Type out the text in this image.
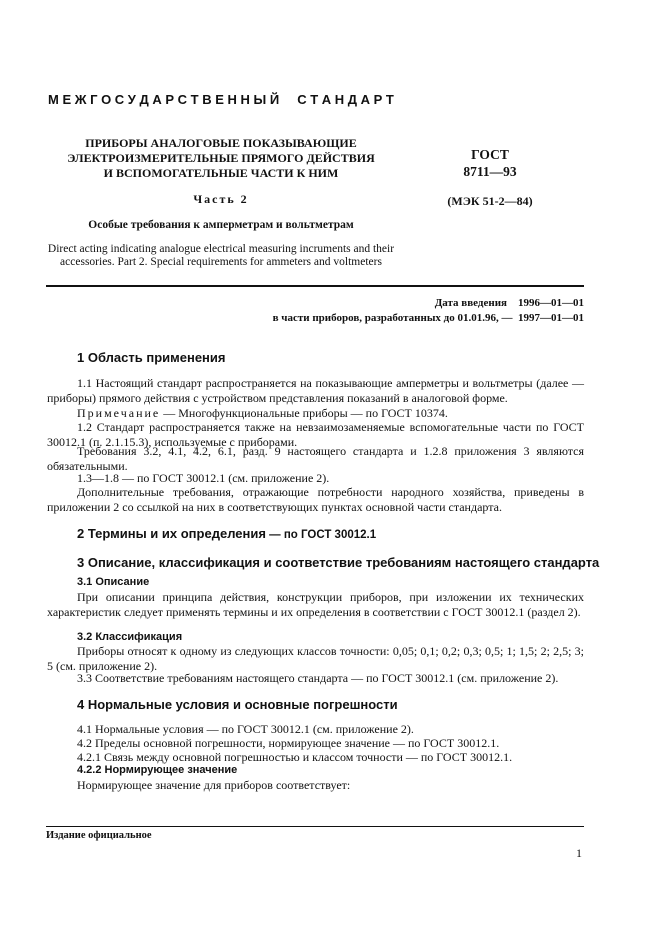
М Е Ж Г О С У Д А Р С Т В Е Н Н Ы Й     С Т А Н Д А Р Т
ПРИБОРЫ АНАЛОГОВЫЕ ПОКАЗЫВАЮЩИЕ
ЭЛЕКТРОИЗМЕРИТЕЛЬНЫЕ ПРЯМОГО ДЕЙСТВИЯ
И ВСПОМОГАТЕЛЬНЫЕ ЧАСТИ К НИМ
Часть 2
Особые требования к амперметрам и вольтметрам
Direct acting indicating analogue electrical measuring incruments and their accessories. Part 2. Special requirements for ammeters and voltmeters
ГОСТ
8711—93
(МЭК 51-2—84)
Дата введения    1996—01—01
в части приборов, разработанных до 01.01.96, —  1997—01—01
1 Область применения
1.1 Настоящий стандарт распространяется на показывающие амперметры и вольтметры (далее — приборы) прямого действия с устройством представления показаний в аналоговой форме.
Примечание — Многофункциональные приборы — по ГОСТ 10374.
1.2 Стандарт распространяется также на невзаимозаменяемые вспомогательные части по ГОСТ 30012.1 (п. 2.1.15.3), используемые с приборами.
Требования 3.2, 4.1, 4.2, 6.1, разд. 9 настоящего стандарта и 1.2.8 приложения 3 являются обязательными.
1.3—1.8 — по ГОСТ 30012.1 (см. приложение 2).
Дополнительные требования, отражающие потребности народного хозяйства, приведены в приложении 2 со ссылкой на них в соответствующих пунктах основной части стандарта.
2 Термины и их определения — по ГОСТ 30012.1
3 Описание, классификация и соответствие требованиям настоящего стандарта
3.1 Описание
При описании принципа действия, конструкции приборов, при изложении их технических характеристик следует применять термины и их определения в соответствии с ГОСТ 30012.1 (раздел 2).
3.2 Классификация
Приборы относят к одному из следующих классов точности: 0,05; 0,1; 0,2; 0,3; 0,5; 1; 1,5; 2; 2,5; 3; 5 (см. приложение 2).
3.3 Соответствие требованиям настоящего стандарта — по ГОСТ 30012.1 (см. приложение 2).
4 Нормальные условия и основные погрешности
4.1 Нормальные условия — по ГОСТ 30012.1 (см. приложение 2).
4.2 Пределы основной погрешности, нормирующее значение — по ГОСТ 30012.1.
4.2.1 Связь между основной погрешностью и классом точности — по ГОСТ 30012.1.
4.2.2 Нормирующее значение
Нормирующее значение для приборов соответствует:
Издание официальное
1
